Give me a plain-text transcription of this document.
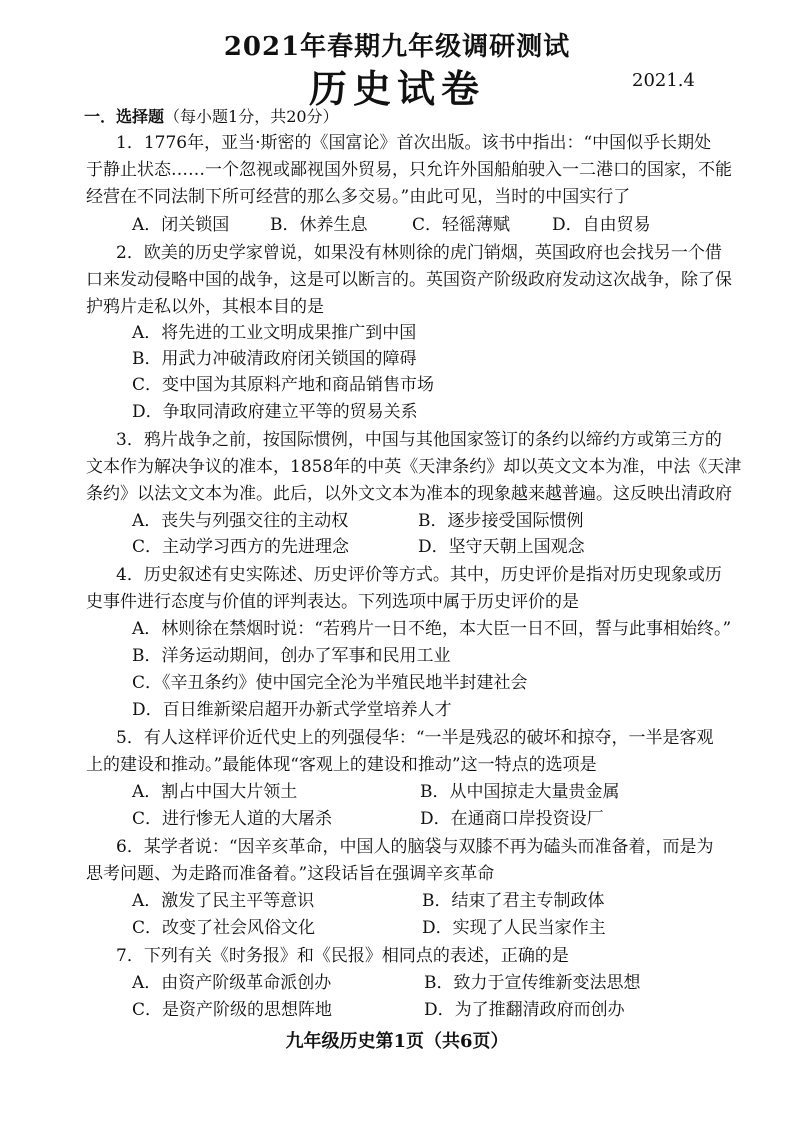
2021年春期九年级调研测试
历史试卷	2021.4
一．选择题（每小题1分，共20分）
1．1776年，亚当·斯密的《国富论》首次出版。该书中指出：“中国似乎长期处
于静止状态……一个忽视或鄙视国外贸易，只允许外国船舶驶入一二港口的国家，不能
经营在不同法制下所可经营的那么多交易。”由此可见，当时的中国实行了
A．闭关锁国 B．休养生息	C．轻徭薄赋 D．自由贸易
2．欧美的历史学家曾说，如果没有林则徐的虎门销烟，英国政府也会找另一个借
口来发动侵略中国的战争，这是可以断言的。英国资产阶级政府发动这次战争，除了保
护鸦片走私以外，其根本目的是
A．将先进的工业文明成果推广到中国
B．用武力冲破清政府闭关锁国的障碍
C．变中国为其原料产地和商品销售市场
D．争取同清政府建立平等的贸易关系
3．鸦片战争之前，按国际惯例，中国与其他国家签订的条约以缔约方或第三方的
文本作为解决争议的准本，1858年的中英《天津条约》却以英文文本为准，中法《天津
条约》以法文文本为准。此后，以外文文本为准本的现象越来越普遍。这反映出清政府
A．丧失与列强交往的主动权	B．逐步接受国际惯例
C．主动学习西方的先进理念	D．坚守天朝上国观念
4．历史叙述有史实陈述、历史评价等方式。其中，历史评价是指对历史现象或历
史事件进行态度与价值的评判表达。下列选项中属于历史评价的是
A．林则徐在禁烟时说：“若鸦片一日不绝，本大臣一日不回，誓与此事相始终。”
B．洋务运动期间，创办了军事和民用工业
C．《辛丑条约》使中国完全沦为半殖民地半封建社会
D．百日维新梁启超开办新式学堂培养人才
5．有人这样评价近代史上的列强侵华：“一半是残忍的破坏和掠夺，一半是客观
上的建设和推动。”最能体现“客观上的建设和推动”这一特点的选项是
A．割占中国大片领土	B．从中国掠走大量贵金属
C．进行惨无人道的大屠杀	D．在通商口岸投资设厂
6．某学者说：“因辛亥革命，中国人的脑袋与双膝不再为磕头而准备着，而是为
思考问题、为走路而准备着。”这段话旨在强调辛亥革命
A．激发了民主平等意识	B．结束了君主专制政体
C．改变了社会风俗文化	D．实现了人民当家作主
7．下列有关《时务报》和《民报》相同点的表述，正确的是
A．由资产阶级革命派创办	B．致力于宣传维新变法思想
C．是资产阶级的思想阵地	D．为了推翻清政府而创办
九年级历史第1页（共6页）
